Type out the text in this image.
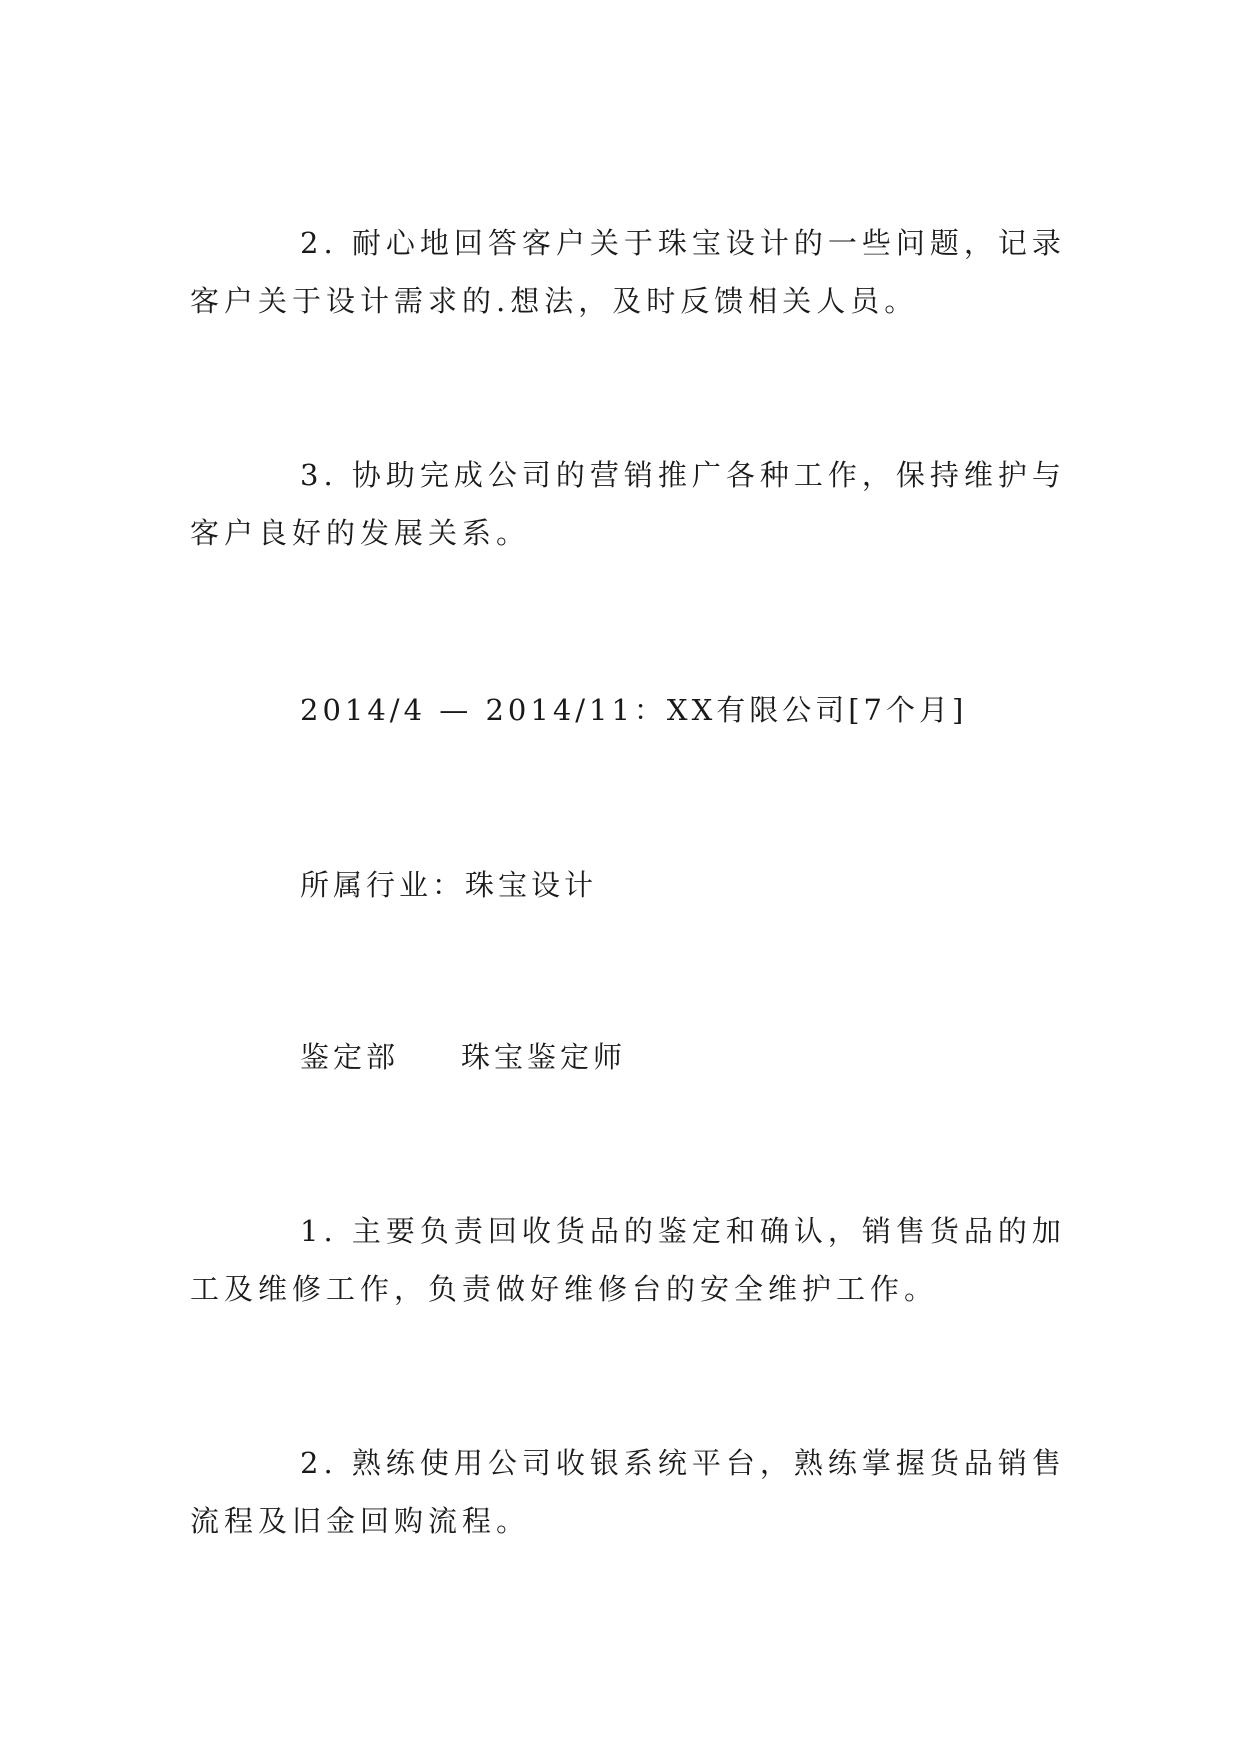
2. 耐心地回答客户关于珠宝设计的一些问题，记录客户关于设计需求的.想法，及时反馈相关人员。

3. 协助完成公司的营销推广各种工作，保持维护与客户良好的发展关系。

2014/4 — 2014/11：XX有限公司[7个月]

所属行业：珠宝设计

鉴定部 珠宝鉴定师

1. 主要负责回收货品的鉴定和确认，销售货品的加工及维修工作，负责做好维修台的安全维护工作。

2. 熟练使用公司收银系统平台，熟练掌握货品销售流程及旧金回购流程。
